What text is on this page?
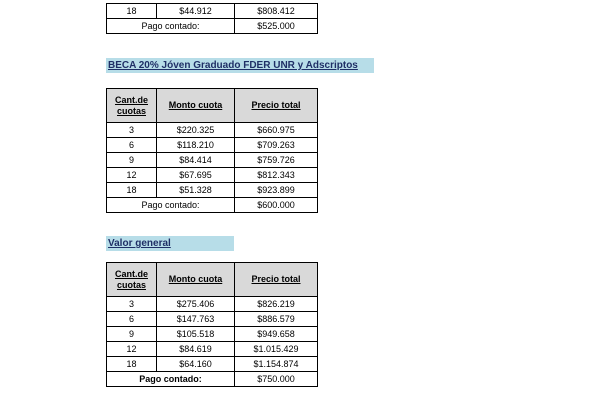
18	$44.912	$808.412
Pago contado:		$525.000
BECA 20% Jóven Graduado FDER UNR y Adscriptos
Cant.de cuotas	Monto cuota	Precio total
3	$220.325	$660.975
6	$118.210	$709.263
9	$84.414	$759.726
12	$67.695	$812.343
18	$51.328	$923.899
Pago contado:		$600.000
Valor general
Cant.de cuotas	Monto cuota	Precio total
3	$275.406	$826.219
6	$147.763	$886.579
9	$105.518	$949.658
12	$84.619	$1.015.429
18	$64.160	$1.154.874
Pago contado:		$750.000
